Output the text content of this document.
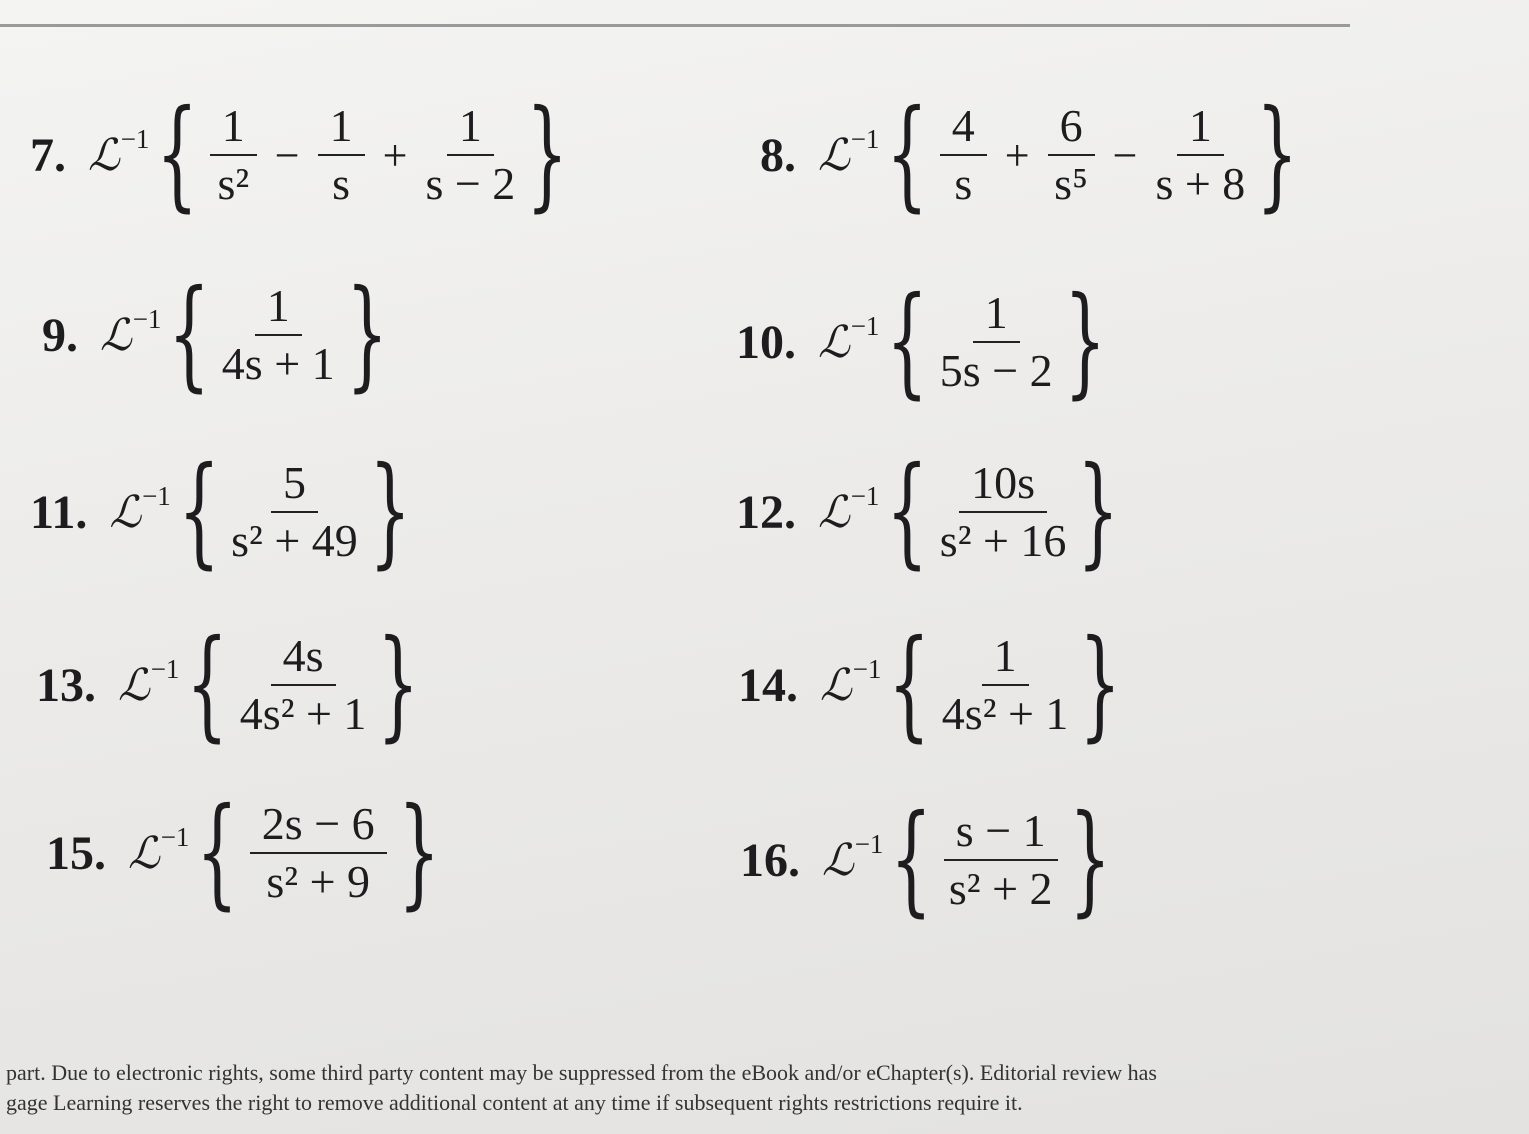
7. ℒ$^{-1}$ { $\frac{1}{\text{s²}} - \frac{1}{s} + \frac{1}{s - 2}$ }	8. ℒ$^{-1}$ { $\frac{4}{s} + \frac{6}{\text{s⁵}} - \frac{1}{s + 8}$ }
9. ℒ$^{-1}$ { $\frac{1}{4s + 1}$ }	10. ℒ$^{-1}$ { $\frac{1}{5s - 2}$ }
11. ℒ$^{-1}$ { $\frac{5}{\text{s² + 49}}$ }	12. ℒ$^{-1}$ { $\frac{10s}{\text{s² + 16}}$ }
13. ℒ$^{-1}$ { $\frac{4s}{\text{4s² + 1}}$ }	14. ℒ$^{-1}$ { $\frac{1}{\text{4s² + 1}}$ }
15. ℒ$^{-1}$ { $\frac{2s - 6}{\text{s² + 9}}$ }	16. ℒ$^{-1}$ { $\frac{s - 1}{\text{s² + 2}}$ }
part. Due to electronic rights, some third party content may be suppressed from the eBook and/or eChapter(s). Editorial review has
gage Learning reserves the right to remove additional content at any time if subsequent rights restrictions require it.
